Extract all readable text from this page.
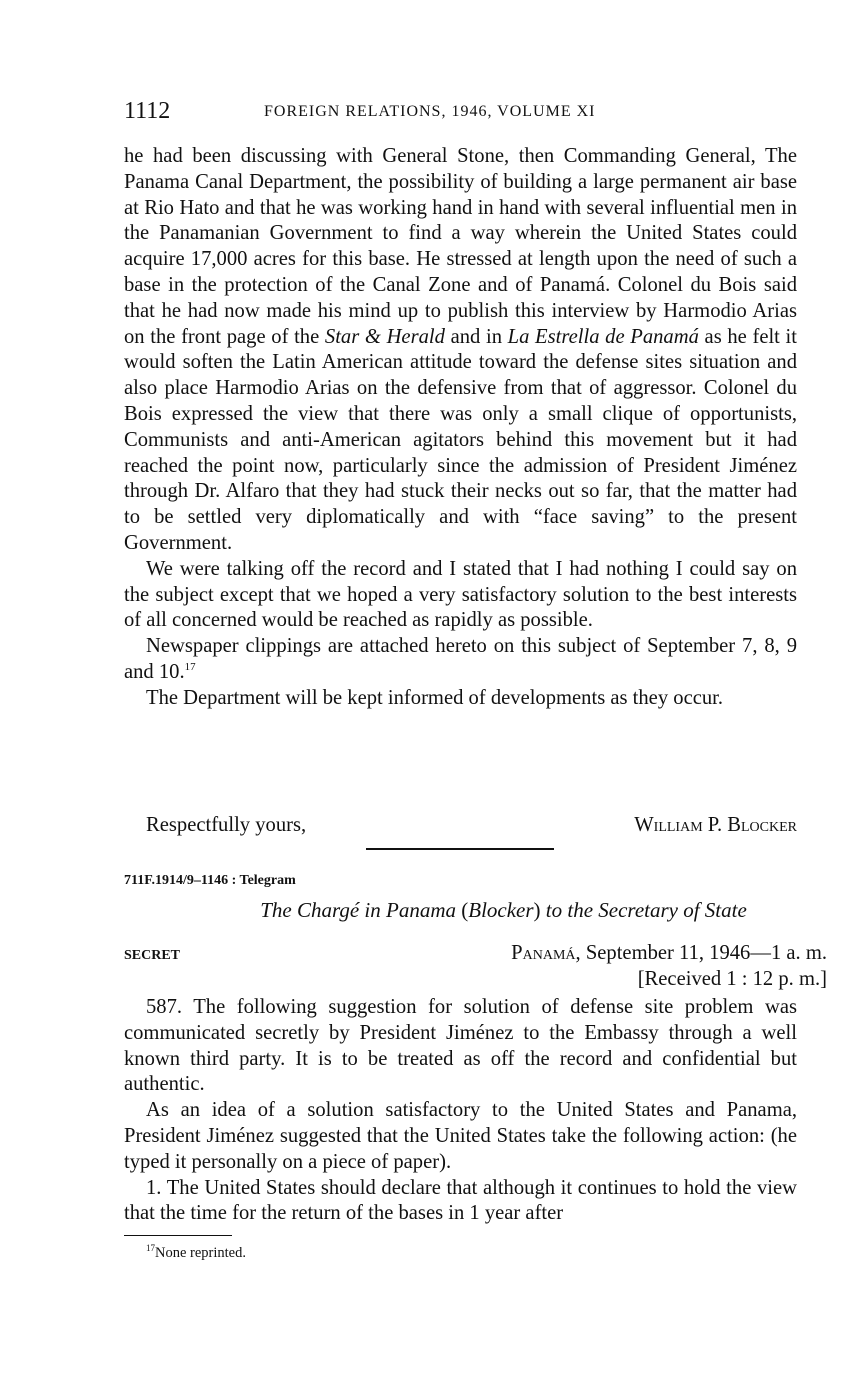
1112	FOREIGN RELATIONS, 1946, VOLUME XI

he had been discussing with General Stone, then Commanding General, The Panama Canal Department, the possibility of building a large permanent air base at Rio Hato and that he was working hand in hand with several influential men in the Panamanian Government to find a way wherein the United States could acquire 17,000 acres for this base. He stressed at length upon the need of such a base in the protection of the Canal Zone and of Panamá. Colonel du Bois said that he had now made his mind up to publish this interview by Harmodio Arias on the front page of the Star & Herald and in La Estrella de Panamá as he felt it would soften the Latin American attitude toward the defense sites situation and also place Harmodio Arias on the defensive from that of aggressor. Colonel du Bois expressed the view that there was only a small clique of opportunists, Communists and anti-American agitators behind this movement but it had reached the point now, particularly since the admission of President Jiménez through Dr. Alfaro that they had stuck their necks out so far, that the matter had to be settled very diplomatically and with “face saving” to the present Government.

We were talking off the record and I stated that I had nothing I could say on the subject except that we hoped a very satisfactory solution to the best interests of all concerned would be reached as rapidly as possible.

Newspaper clippings are attached hereto on this subject of September 7, 8, 9 and 10.17

The Department will be kept informed of developments as they occur.

Respectfully yours,	William P. Blocker
711F.1914/9–1146 : Telegram
The Chargé in Panama (Blocker) to the Secretary of State
SECRET	Panamá, September 11, 1946—1 a. m.
[Received 1 : 12 p. m.]

587. The following suggestion for solution of defense site problem was communicated secretly by President Jiménez to the Embassy through a well known third party. It is to be treated as off the record and confidential but authentic.

As an idea of a solution satisfactory to the United States and Panama, President Jiménez suggested that the United States take the following action: (he typed it personally on a piece of paper).

1. The United States should declare that although it continues to hold the view that the time for the return of the bases in 1 year after

$^{17}$None reprinted.
